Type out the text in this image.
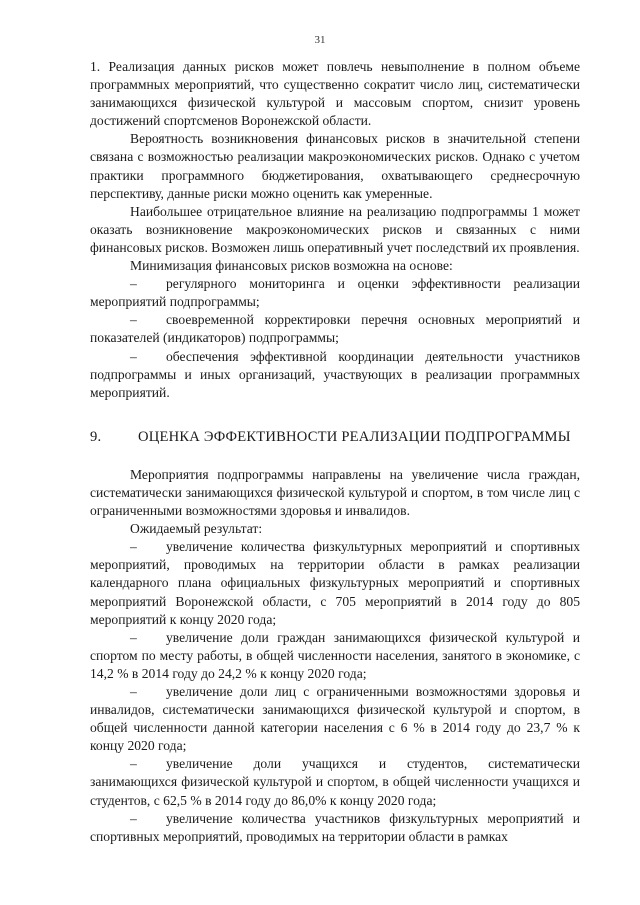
31

1. Реализация данных рисков может повлечь невыполнение в полном объеме программных мероприятий, что существенно сократит число лиц, систематически занимающихся физической культурой и массовым спортом, снизит уровень достижений спортсменов Воронежской области.

Вероятность возникновения финансовых рисков в значительной степени связана с возможностью реализации макроэкономических рисков. Однако с учетом практики программного бюджетирования, охватывающего среднесрочную перспективу, данные риски можно оценить как умеренные.

Наибольшее отрицательное влияние на реализацию подпрограммы 1 может оказать возникновение макроэкономических рисков и связанных с ними финансовых рисков. Возможен лишь оперативный учет последствий их проявления.

Минимизация финансовых рисков возможна на основе:

– регулярного мониторинга и оценки эффективности реализации мероприятий подпрограммы;

– своевременной корректировки перечня основных мероприятий и показателей (индикаторов) подпрограммы;

– обеспечения эффективной координации деятельности участников подпрограммы и иных организаций, участвующих в реализации программных мероприятий.

9.	ОЦЕНКА ЭФФЕКТИВНОСТИ РЕАЛИЗАЦИИ ПОДПРОГРАММЫ

Мероприятия подпрограммы направлены на увеличение числа граждан, систематически занимающихся физической культурой и спортом, в том числе лиц с ограниченными возможностями здоровья и инвалидов.

Ожидаемый результат:

– увеличение количества физкультурных мероприятий и спортивных мероприятий, проводимых на территории области в рамках реализации календарного плана официальных физкультурных мероприятий и спортивных мероприятий Воронежской области, с 705 мероприятий в 2014 году до 805 мероприятий к концу 2020 года;

– увеличение доли граждан занимающихся физической культурой и спортом по месту работы, в общей численности населения, занятого в экономике, с 14,2 % в 2014 году до 24,2 % к концу 2020 года;

– увеличение доли лиц с ограниченными возможностями здоровья и инвалидов, систематически занимающихся физической культурой и спортом, в общей численности данной категории населения с 6 % в 2014 году до 23,7 % к концу 2020 года;

– увеличение доли учащихся и студентов, систематически занимающихся физической культурой и спортом, в общей численности учащихся и студентов, с 62,5 % в 2014 году до 86,0% к концу 2020 года;

– увеличение количества участников физкультурных мероприятий и спортивных мероприятий, проводимых на территории области в рамках
